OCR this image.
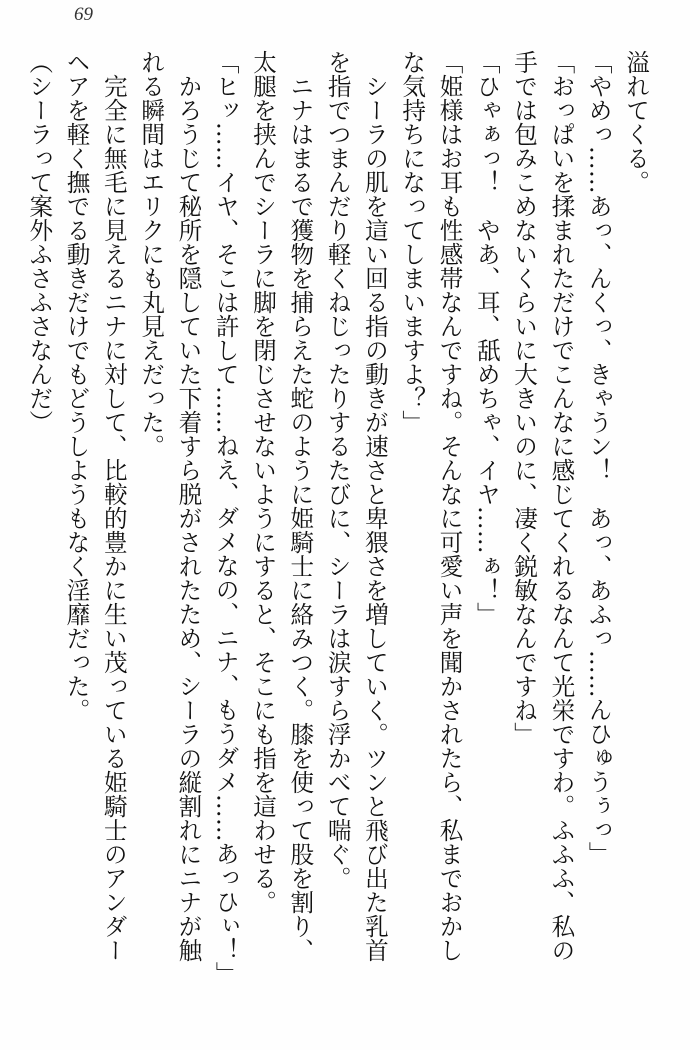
69
溢れてくる。
「やめっ……あっ、んくっ、きゃうン！　あっ、あふっ……んひゅうぅっ」
「おっぱいを揉まれただけでこんなに感じてくれるなんて光栄ですわ。ふふふ、私の
手では包みこめないくらいに大きいのに、凄く鋭敏なんですね」
「ひゃぁっ！　やあ、耳、舐めちゃ、イヤ……ぁ！」
「姫様はお耳も性感帯なんですね。そんなに可愛い声を聞かされたら、私までおかし
な気持ちになってしまいますよ？」
　シーラの肌を這い回る指の動きが速さと卑猥さを増していく。ツンと飛び出た乳首
を指でつまんだり軽くねじったりするたびに、シーラは涙すら浮かべて喘ぐ。
　ニナはまるで獲物を捕らえた蛇のように姫騎士に絡みつく。膝を使って股を割り、
太腿を挟んでシーラに脚を閉じさせないようにすると、そこにも指を這わせる。
「ヒッ……イヤ、そこは許して……ねえ、ダメなの、ニナ、もうダメ……あっひぃ！」
　かろうじて秘所を隠していた下着すら脱がされたため、シーラの縦割れにニナが触
れる瞬間はエリクにも丸見えだった。
　完全に無毛に見えるニナに対して、比較的豊かに生い茂っている姫騎士のアンダー
ヘアを軽く撫でる動きだけでもどうしようもなく淫靡だった。
（シーラって案外ふさふさなんだ）
